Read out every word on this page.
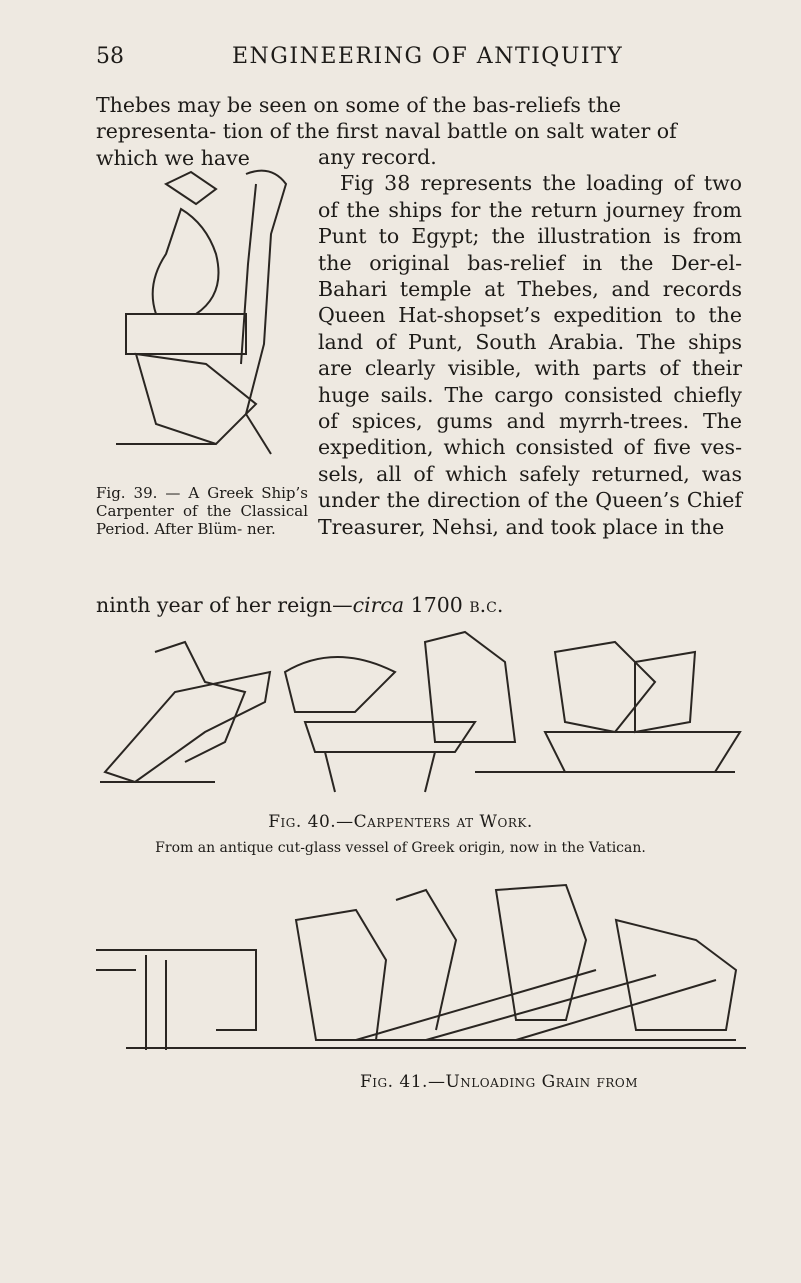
58	ENGINEERING OF ANTIQUITY

Thebes may be seen on some of the bas-reliefs the representa- tion of the first naval battle on salt water of which we have	any record.
Fig 38 represents the loading of two of the ships for the return journey from Punt to Egypt; the illustration is from the original bas-relief in the Der-el- Bahari temple at Thebes, and records Queen Hat-shopset’s expedition to the land of Punt, South Arabia. The ships are clearly visible, with parts of their huge sails. The cargo consisted chiefly of spices, gums and myrrh-trees. The expedition, which consisted of five ves- sels, all of which safely returned, was under the direction of the Queen’s Chief Treasurer, Nehsi, and took place in the

ninth year of her reign—circa 1700 b.c.

Fig. 39. — A Greek Ship’s Carpenter of the Classical Period. After Blüm- ner.
Fig. 40.—Carpenters at Work.
From an antique cut-glass vessel of Greek origin, now in the Vatican.
Fig. 41.—Unloading Grain from
